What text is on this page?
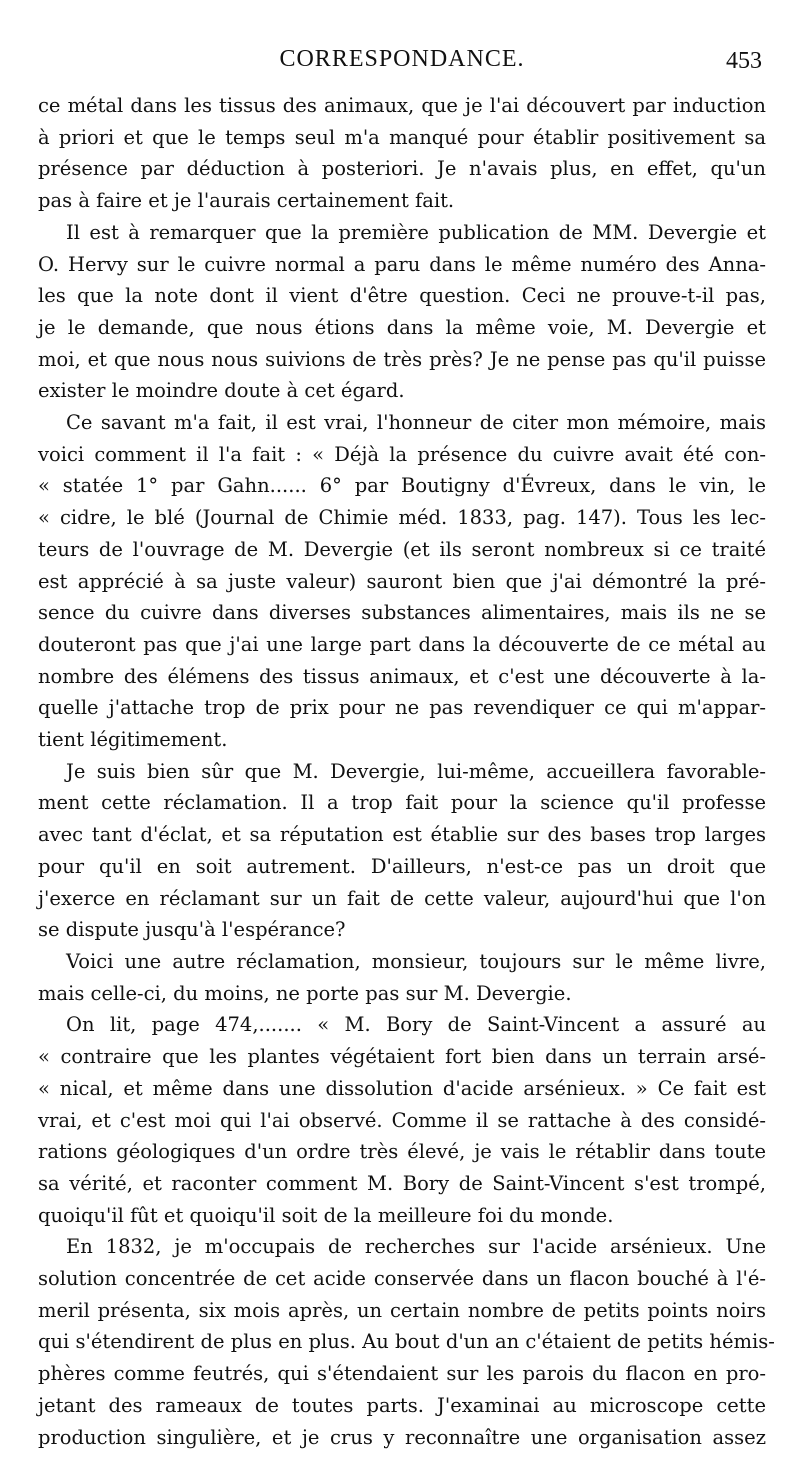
CORRESPONDANCE.	453
ce métal dans les tissus des animaux, que je l'ai découvert par induction
à priori et que le temps seul m'a manqué pour établir positivement sa
présence par déduction à posteriori. Je n'avais plus, en effet, qu'un
pas à faire et je l'aurais certainement fait.
Il est à remarquer que la première publication de MM. Devergie et
O. Hervy sur le cuivre normal a paru dans le même numéro des Anna-
les que la note dont il vient d'être question. Ceci ne prouve-t-il pas,
je le demande, que nous étions dans la même voie, M. Devergie et
moi, et que nous nous suivions de très près? Je ne pense pas qu'il puisse
exister le moindre doute à cet égard.
Ce savant m'a fait, il est vrai, l'honneur de citer mon mémoire, mais
voici comment il l'a fait : « Déjà la présence du cuivre avait été con-
« statée 1° par Gahn...... 6° par Boutigny d'Évreux, dans le vin, le
« cidre, le blé (Journal de Chimie méd. 1833, pag. 147). Tous les lec-
teurs de l'ouvrage de M. Devergie (et ils seront nombreux si ce traité
est apprécié à sa juste valeur) sauront bien que j'ai démontré la pré-
sence du cuivre dans diverses substances alimentaires, mais ils ne se
douteront pas que j'ai une large part dans la découverte de ce métal au
nombre des élémens des tissus animaux, et c'est une découverte à la-
quelle j'attache trop de prix pour ne pas revendiquer ce qui m'appar-
tient légitimement.
Je suis bien sûr que M. Devergie, lui-même, accueillera favorable-
ment cette réclamation. Il a trop fait pour la science qu'il professe
avec tant d'éclat, et sa réputation est établie sur des bases trop larges
pour qu'il en soit autrement. D'ailleurs, n'est-ce pas un droit que
j'exerce en réclamant sur un fait de cette valeur, aujourd'hui que l'on
se dispute jusqu'à l'espérance?
Voici une autre réclamation, monsieur, toujours sur le même livre,
mais celle-ci, du moins, ne porte pas sur M. Devergie.
On lit, page 474,....... « M. Bory de Saint-Vincent a assuré au
« contraire que les plantes végétaient fort bien dans un terrain arsé-
« nical, et même dans une dissolution d'acide arsénieux. » Ce fait est
vrai, et c'est moi qui l'ai observé. Comme il se rattache à des considé-
rations géologiques d'un ordre très élevé, je vais le rétablir dans toute
sa vérité, et raconter comment M. Bory de Saint-Vincent s'est trompé,
quoiqu'il fût et quoiqu'il soit de la meilleure foi du monde.
En 1832, je m'occupais de recherches sur l'acide arsénieux. Une
solution concentrée de cet acide conservée dans un flacon bouché à l'é-
meril présenta, six mois après, un certain nombre de petits points noirs
qui s'étendirent de plus en plus. Au bout d'un an c'étaient de petits hémis-
phères comme feutrés, qui s'étendaient sur les parois du flacon en pro-
jetant des rameaux de toutes parts. J'examinai au microscope cette
production singulière, et je crus y reconnaître une organisation assez
